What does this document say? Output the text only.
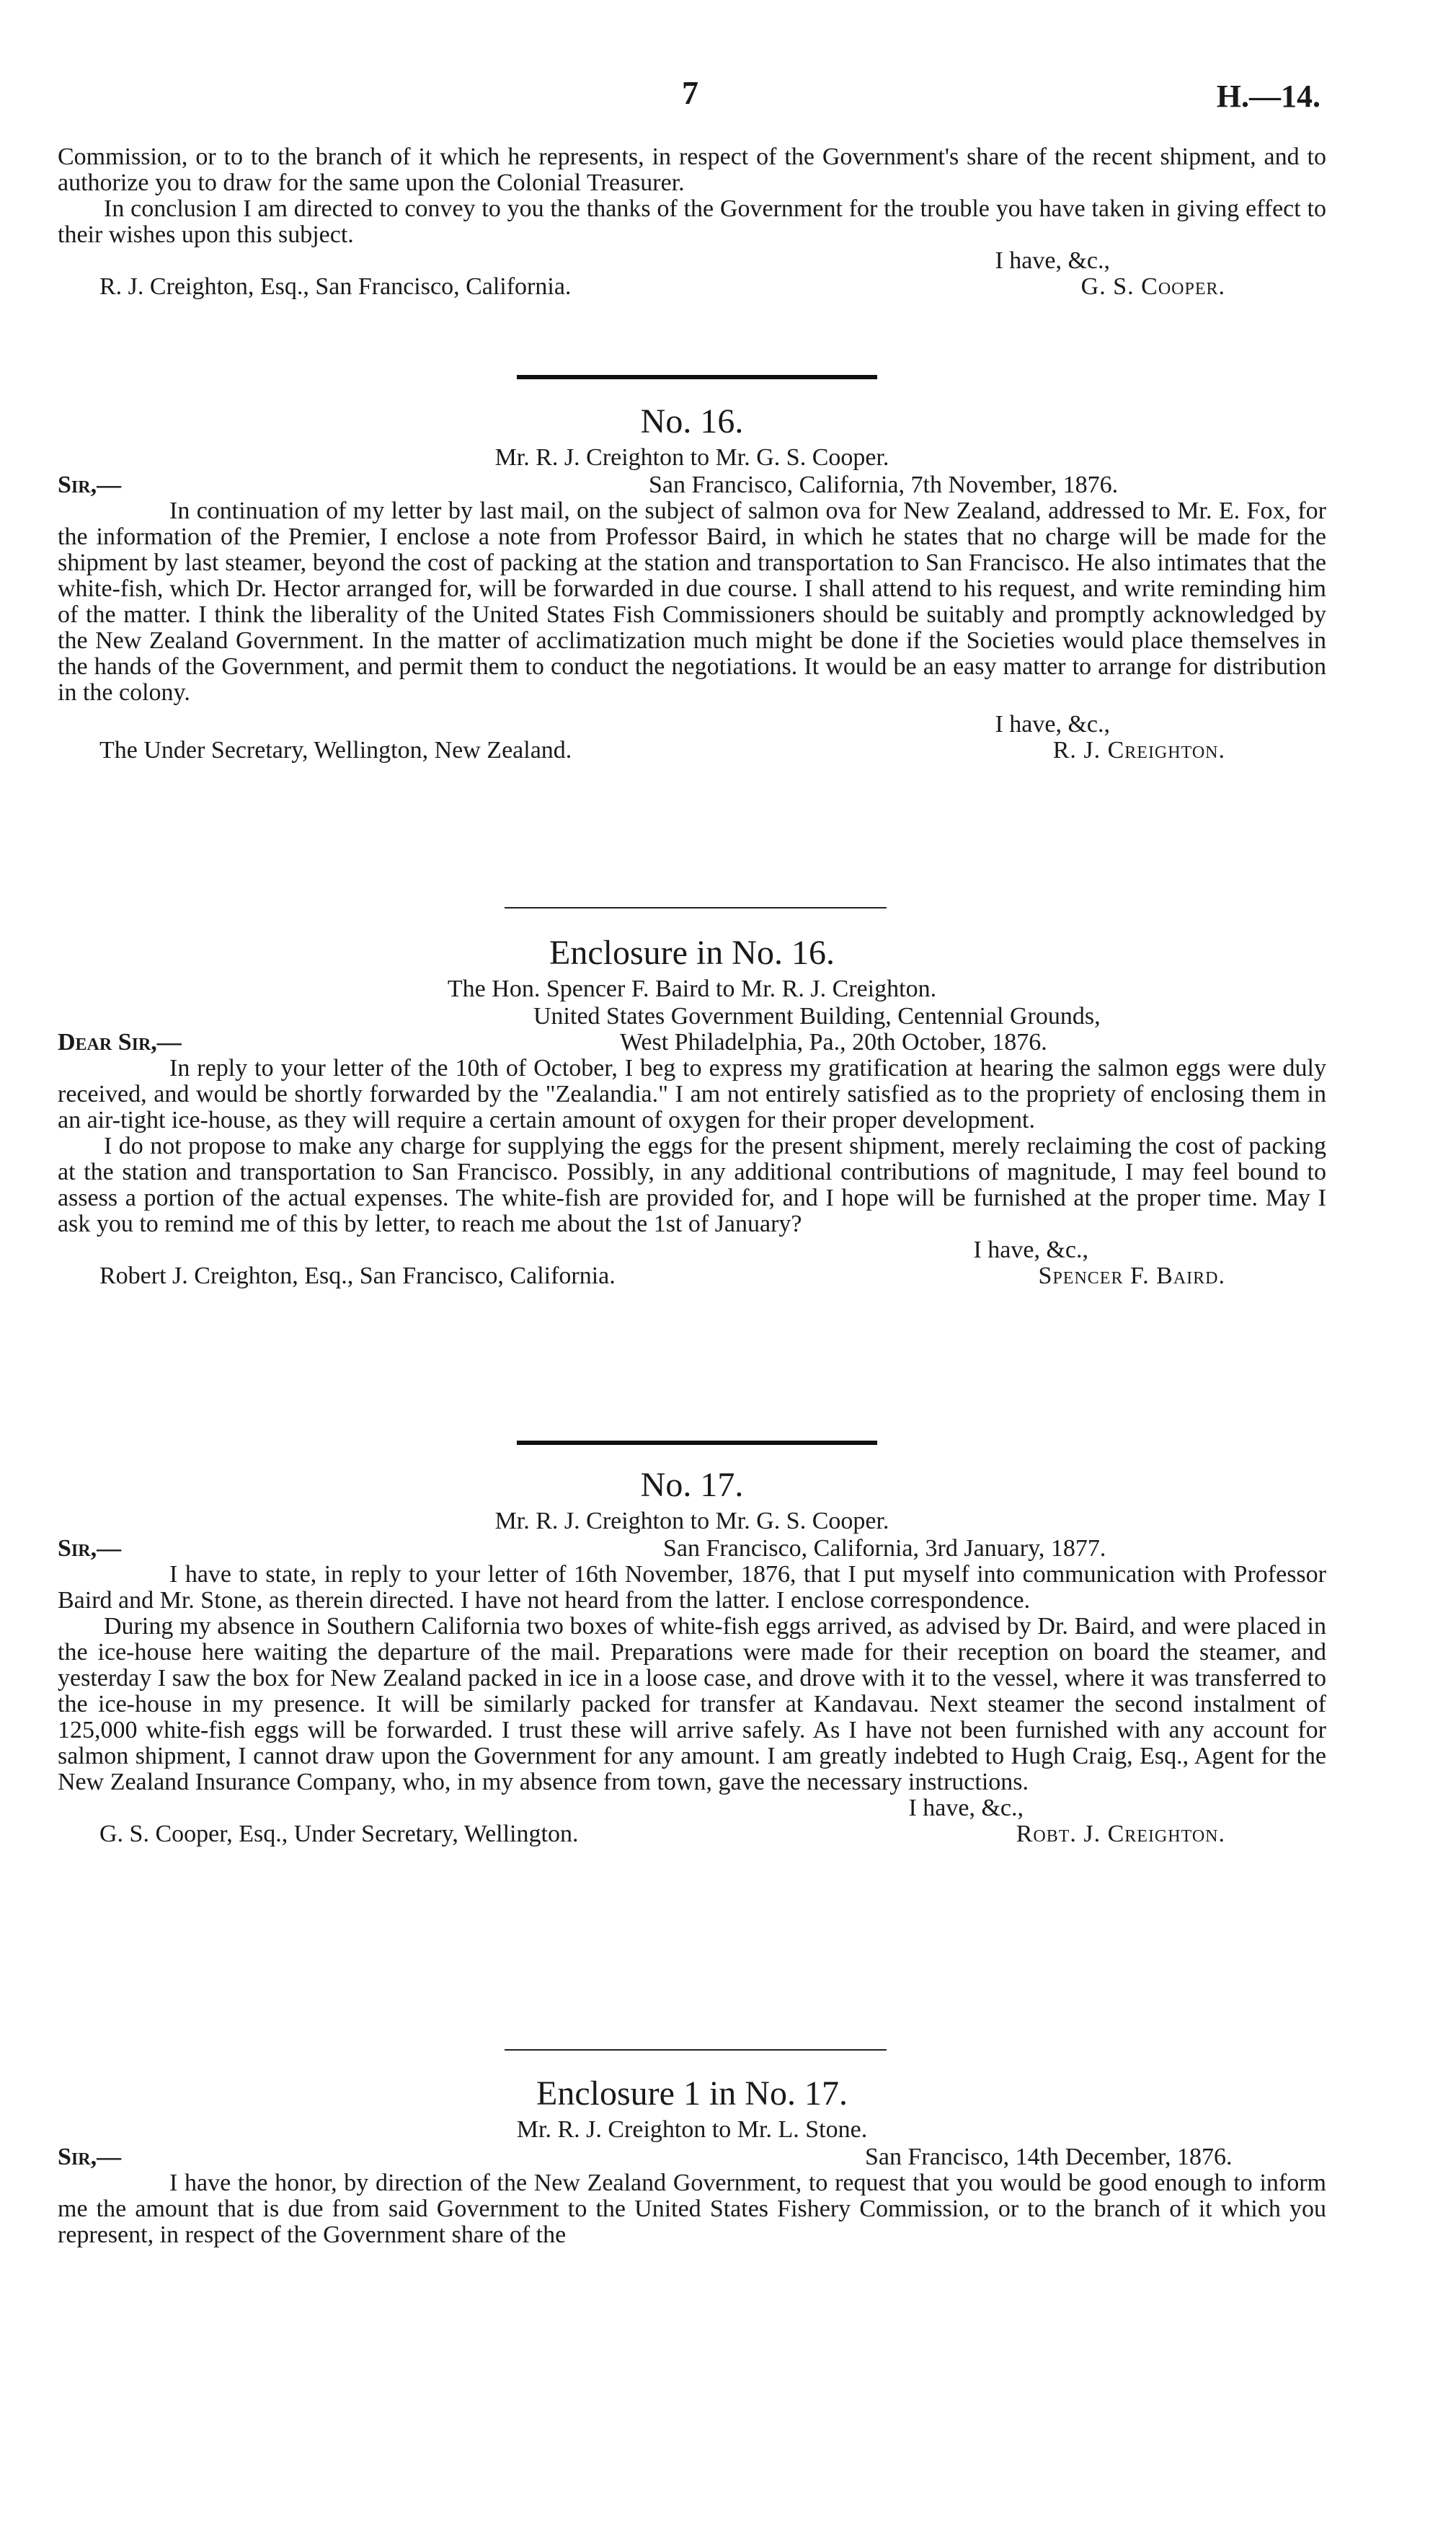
7	H.—14.

Commission, or to to the branch of it which he represents, in respect of the Government's share of the recent shipment, and to authorize you to draw for the same upon the Colonial Treasurer.

In conclusion I am directed to convey to you the thanks of the Government for the trouble you have taken in giving effect to their wishes upon this subject.

I have, &c.,
R. J. Creighton, Esq., San Francisco, California.	G. S. Cooper.
No. 16.
Mr. R. J. Creighton to Mr. G. S. Cooper.
Sir,—	San Francisco, California, 7th November, 1876.

In continuation of my letter by last mail, on the subject of salmon ova for New Zealand, addressed to Mr. E. Fox, for the information of the Premier, I enclose a note from Professor Baird, in which he states that no charge will be made for the shipment by last steamer, beyond the cost of packing at the station and transportation to San Francisco. He also intimates that the white-fish, which Dr. Hector arranged for, will be forwarded in due course. I shall attend to his request, and write reminding him of the matter. I think the liberality of the United States Fish Commissioners should be suitably and promptly acknowledged by the New Zealand Government. In the matter of acclimatization much might be done if the Societies would place themselves in the hands of the Government, and permit them to conduct the negotiations. It would be an easy matter to arrange for distribution in the colony.

I have, &c.,
The Under Secretary, Wellington, New Zealand.	R. J. Creighton.
Enclosure in No. 16.
The Hon. Spencer F. Baird to Mr. R. J. Creighton.
United States Government Building, Centennial Grounds,
Dear Sir,—	West Philadelphia, Pa., 20th October, 1876.

In reply to your letter of the 10th of October, I beg to express my gratification at hearing the salmon eggs were duly received, and would be shortly forwarded by the "Zealandia." I am not entirely satisfied as to the propriety of enclosing them in an air-tight ice-house, as they will require a certain amount of oxygen for their proper development.

I do not propose to make any charge for supplying the eggs for the present shipment, merely reclaiming the cost of packing at the station and transportation to San Francisco. Possibly, in any additional contributions of magnitude, I may feel bound to assess a portion of the actual expenses. The white-fish are provided for, and I hope will be furnished at the proper time. May I ask you to remind me of this by letter, to reach me about the 1st of January?

I have, &c.,
Robert J. Creighton, Esq., San Francisco, California.	Spencer F. Baird.
No. 17.
Mr. R. J. Creighton to Mr. G. S. Cooper.
Sir,—	San Francisco, California, 3rd January, 1877.

I have to state, in reply to your letter of 16th November, 1876, that I put myself into communication with Professor Baird and Mr. Stone, as therein directed. I have not heard from the latter. I enclose correspondence.

During my absence in Southern California two boxes of white-fish eggs arrived, as advised by Dr. Baird, and were placed in the ice-house here waiting the departure of the mail. Preparations were made for their reception on board the steamer, and yesterday I saw the box for New Zealand packed in ice in a loose case, and drove with it to the vessel, where it was transferred to the ice-house in my presence. It will be similarly packed for transfer at Kandavau. Next steamer the second instalment of 125,000 white-fish eggs will be forwarded. I trust these will arrive safely. As I have not been furnished with any account for salmon shipment, I cannot draw upon the Government for any amount. I am greatly indebted to Hugh Craig, Esq., Agent for the New Zealand Insurance Company, who, in my absence from town, gave the necessary instructions.

I have, &c.,
G. S. Cooper, Esq., Under Secretary, Wellington.	Robt. J. Creighton.
Enclosure 1 in No. 17.
Mr. R. J. Creighton to Mr. L. Stone.
Sir,—	San Francisco, 14th December, 1876.

I have the honor, by direction of the New Zealand Government, to request that you would be good enough to inform me the amount that is due from said Government to the United States Fishery Commission, or to the branch of it which you represent, in respect of the Government share of the
